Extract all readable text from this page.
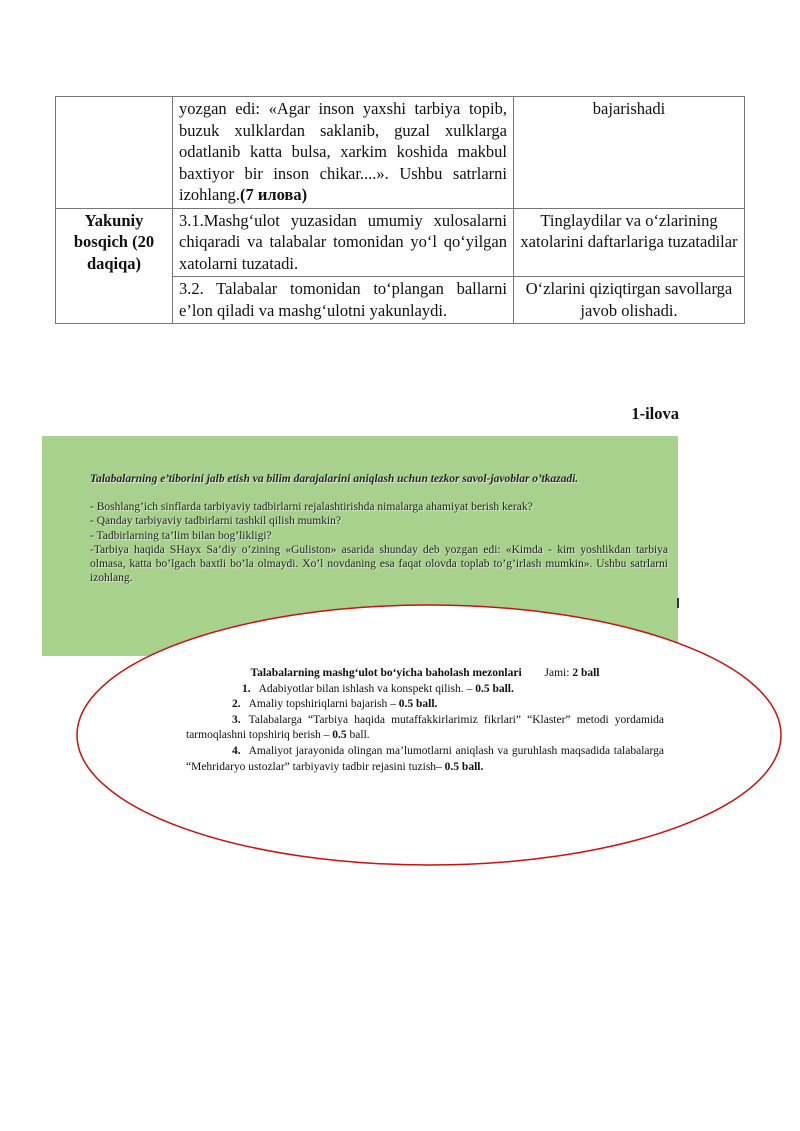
	yozgan edi: «Agar inson yaxshi tarbiya topib, buzuk xulklardan saklanib, guzal xulklarga odatlanib katta bulsa, xarkim koshida makbul baxtiyor bir inson chikar....». Ushbu satrlarni izohlang.(7 илова)	bajarishadi
Yakuniy bosqich (20 daqiqa)	3.1.Mashg‘ulot yuzasidan umumiy xulosalarni chiqaradi va talabalar tomonidan yo‘l qo‘yilgan xatolarni tuzatadi.	Tinglaydilar va o‘zlarining xatolarini daftarlariga tuzatadilar
	3.2. Talabalar tomonidan to‘plangan ballarni e’lon qiladi va mashg‘ulotni yakunlaydi.	O‘zlarini qiziqtirgan savollarga javob olishadi.
1-ilova
Talabalarning e’tiborini jalb etish va bilim darajalarini aniqlash uchun tezkor savol-javoblar o’tkazadi.

- Boshlang’ich sinflarda tarbiyaviy tadbirlarni rejalashtirishda nimalarga ahamiyat berish kerak?

- Qanday tarbiyaviy tadbirlarni tashkil qilish mumkin?

- Tadbirlarning ta’lim bilan bog’likligi?

-Tarbiya haqida SHayx Sa’diy o’zining «Guliston» asarida shunday deb yozgan edi: «Kimda - kim yoshlikdan tarbiya olmasa, katta bo’lgach baxtli bo’la olmaydi. Xo’l novdaning esa faqat olovda toplab to’g’irlash mumkin». Ushbu satrlarni izohlang.

Talabalarning mashg‘ulot bo‘yicha baholash mezonlari Jami: 2 ball

1. Adabiyotlar bilan ishlash va konspekt qilish. – 0.5 ball.

2. Amaliy topshiriqlarni bajarish – 0.5 ball.

3. Talabalarga “Tarbiya haqida mutaffakkirlarimiz fikrlari” “Klaster” metodi yordamida tarmoqlashni topshiriq berish – 0.5 ball.

4. Amaliyot jarayonida olingan ma’lumotlarni aniqlash va guruhlash maqsadida talabalarga “Mehridaryo ustozlar” tarbiyaviy tadbir rejasini tuzish– 0.5 ball.
